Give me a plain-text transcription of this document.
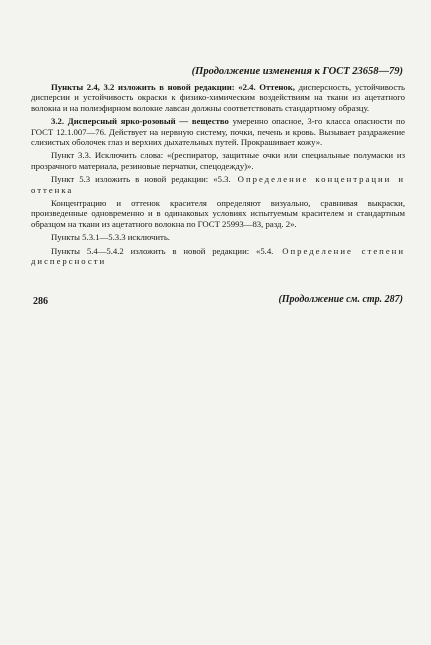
(Продолжение изменения к ГОСТ 23658—79)

Пункты 2.4, 3.2 изложить в новой редакции: «2.4. Оттенок, дисперсность, устойчивость дисперсии и устойчивость окраски к физико-химическим воздействиям на ткани из ацетатного волокна и на полиэфирном волокне лавсан должны соответствовать стандартному образцу.

3.2. Дисперсный ярко-розовый — вещество умеренно опасное, 3-го класса опасности по ГОСТ 12.1.007—76. Действует на нервную систему, почки, печень и кровь. Вызывает раздражение слизистых оболочек глаз и верхних дыхательных путей. Прокрашивает кожу».

Пункт 3.3. Исключить слова: «(респиратор, защитные очки или специальные полумаски из прозрачного материала, резиновые перчатки, спецодежду)».

Пункт 5.3 изложить в новой редакции: «5.3. Определение концентрации и оттенка

Концентрацию и оттенок красителя определяют визуально, сравнивая выкраски, произведенные одновременно и в одинаковых условиях испытуемым красителем и стандартным образцом на ткани из ацетатного волокна по ГОСТ 25993—83, разд. 2».

Пункты 5.3.1—5.3.3 исключить.

Пункты 5.4—5.4.2 изложить в новой редакции: «5.4. Определение степени дисперсности

(Продолжение см. стр. 287)
286
